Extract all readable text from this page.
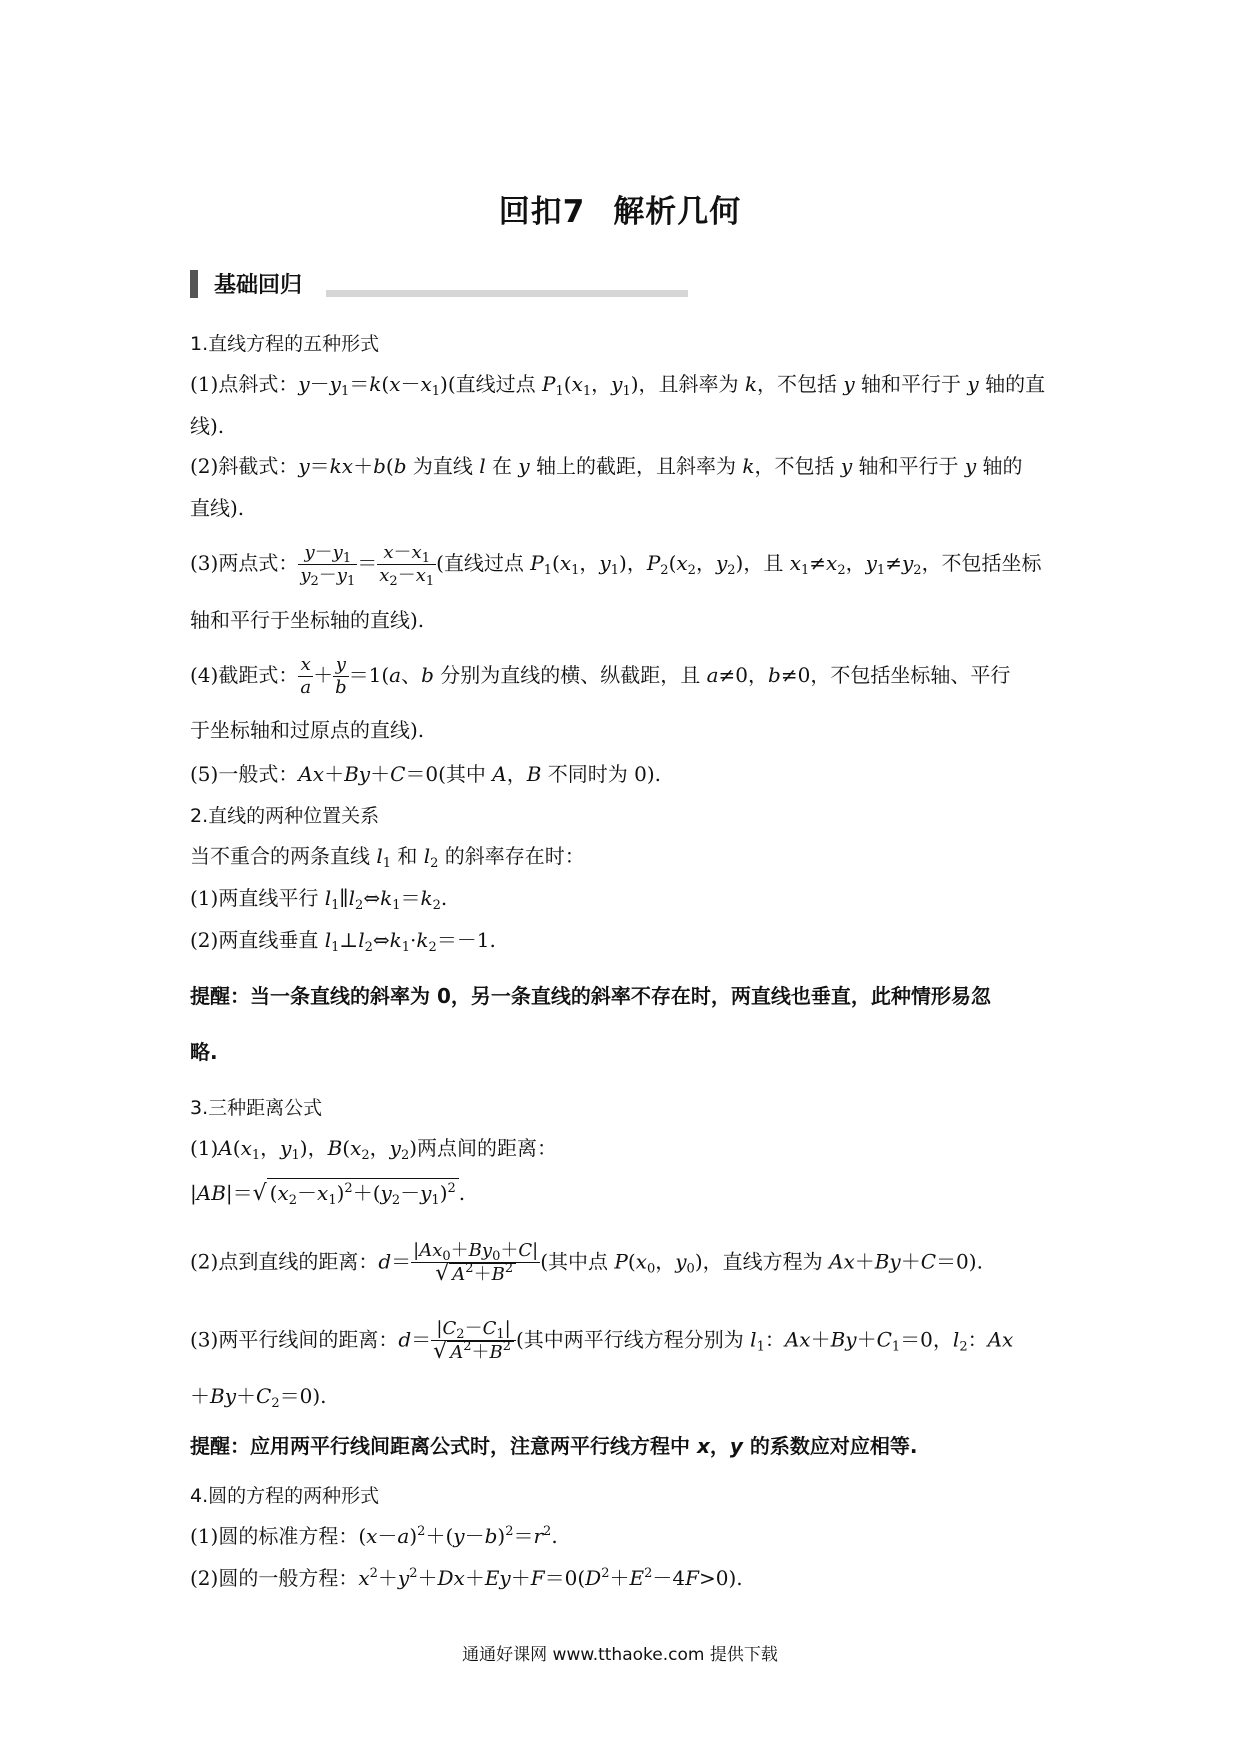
回扣7 解析几何
基础回归
1.直线方程的五种形式
(1)点斜式：$y-y_1=k(x-x_1)$(直线过点 $P_1(x_1$，$y_1$)，且斜率为 k，不包括 y 轴和平行于 y 轴的直
线).
(2)斜截式：y＝kx＋b(b 为直线 l 在 y 轴上的截距，且斜率为 k，不包括 y 轴和平行于 y 轴的
直线).
(3)两点式： $\frac{y-y_1}{y_2-y_1} = \frac{x-x_1}{x_2-x_1}$ (直线过点 $P_1(x_1$，$y_1$)，$P_2(x_2$，$y_2$)，且 $x_1\ne x_2$，$y_1\ne y_2$，不包括坐标
轴和平行于坐标轴的直线).
(4)截距式： $\frac{x}{a} + \frac{y}{b} =1(a$、b 分别为直线的横、纵截距，且 a≠0，b≠0，不包括坐标轴、平行
于坐标轴和过原点的直线).
(5)一般式：Ax＋By＋C＝0(其中 A，B 不同时为 0).
2.直线的两种位置关系
当不重合的两条直线 $l_1$ 和 $l_2$ 的斜率存在时：
(1)两直线平行 $l_1\parallel l_2\Leftrightarrow k_1=k_2$.
(2)两直线垂直 $l_1\perp l_2\Leftrightarrow k_1\cdot k_2=-1$.
提醒：当一条直线的斜率为 0，另一条直线的斜率不存在时，两直线也垂直，此种情形易忽
略.
3.三种距离公式
$(1)A(x_1$，$y_1$)，$B(x_2$，$y_2$)两点间的距离：
|AB|＝√ $(x_2-x_1)^2+(y_2-y_1)^2$ .
(2)点到直线的距离：$d= \frac{|Ax_0+By_0+C|}{√ A^2+B^2}$ (其中点 $P(x_0$，$y_0$)，直线方程为 Ax＋By＋C＝0).
(3)两平行线间的距离：$d= \frac{|C_2-C_1|}{√ A^2+B^2}$ (其中两平行线方程分别为 $l_1$：$Ax+By+C_1=0$，$l_2$：Ax
$+By+C_2=0$).
提醒：应用两平行线间距离公式时，注意两平行线方程中 x，y 的系数应对应相等.
4.圆的方程的两种形式
(1)圆的标准方程：$(x-a)^2+(y-b)^2=r^2$.
(2)圆的一般方程：$x^2+y^2+Dx+Ey+F=0(D^2+E^2-4F>0)$.
通通好课网 www.tthaoke.com 提供下载
